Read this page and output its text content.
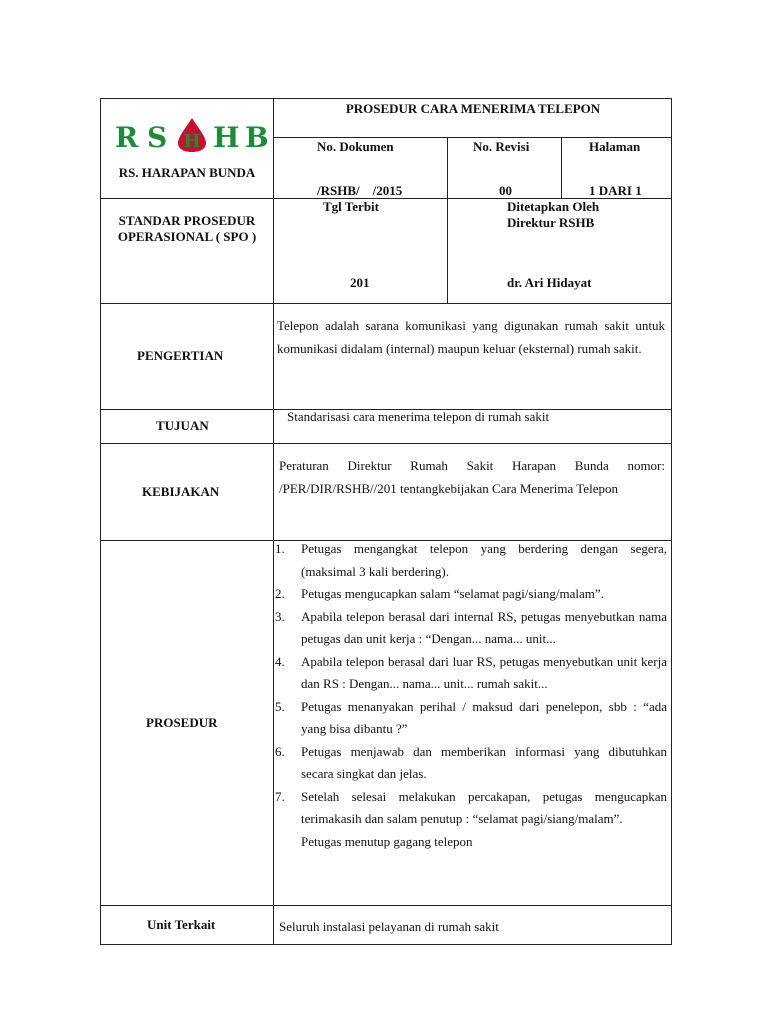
R S H H B
RS. HARAPAN BUNDA
PROSEDUR CARA MENERIMA TELEPON
No. Dokumen
/RSHB/    /2015
No. Revisi
00
Halaman
1 DARI 1
STANDAR PROSEDUR OPERASIONAL ( SPO )
Tgl Terbit
201
Ditetapkan Oleh Direktur RSHB
dr. Ari Hidayat
PENGERTIAN
Telepon adalah sarana komunikasi yang digunakan rumah sakit untuk komunikasi didalam (internal) maupun keluar (eksternal) rumah sakit.
TUJUAN
Standarisasi cara menerima telepon di rumah sakit
KEBIJAKAN
Peraturan Direktur Rumah Sakit Harapan Bunda nomor: /PER/DIR/RSHB//201 tentangkebijakan Cara Menerima Telepon
PROSEDUR
1. Petugas mengangkat telepon yang berdering dengan segera, (maksimal 3 kali berdering).
2. Petugas mengucapkan salam “selamat pagi/siang/malam”.
3. Apabila telepon berasal dari internal RS, petugas menyebutkan nama petugas dan unit kerja : “Dengan... nama... unit...
4. Apabila telepon berasal dari luar RS, petugas menyebutkan unit kerja dan RS : Dengan... nama... unit... rumah sakit...
5. Petugas menanyakan perihal / maksud dari penelepon, sbb : “ada yang bisa dibantu ?”
6. Petugas menjawab dan memberikan informasi yang dibutuhkan secara singkat dan jelas.
7. Setelah selesai melakukan percakapan, petugas mengucapkan terimakasih dan salam penutup : “selamat pagi/siang/malam”.
Petugas menutup gagang telepon
Unit Terkait	Seluruh instalasi pelayanan di rumah sakit
